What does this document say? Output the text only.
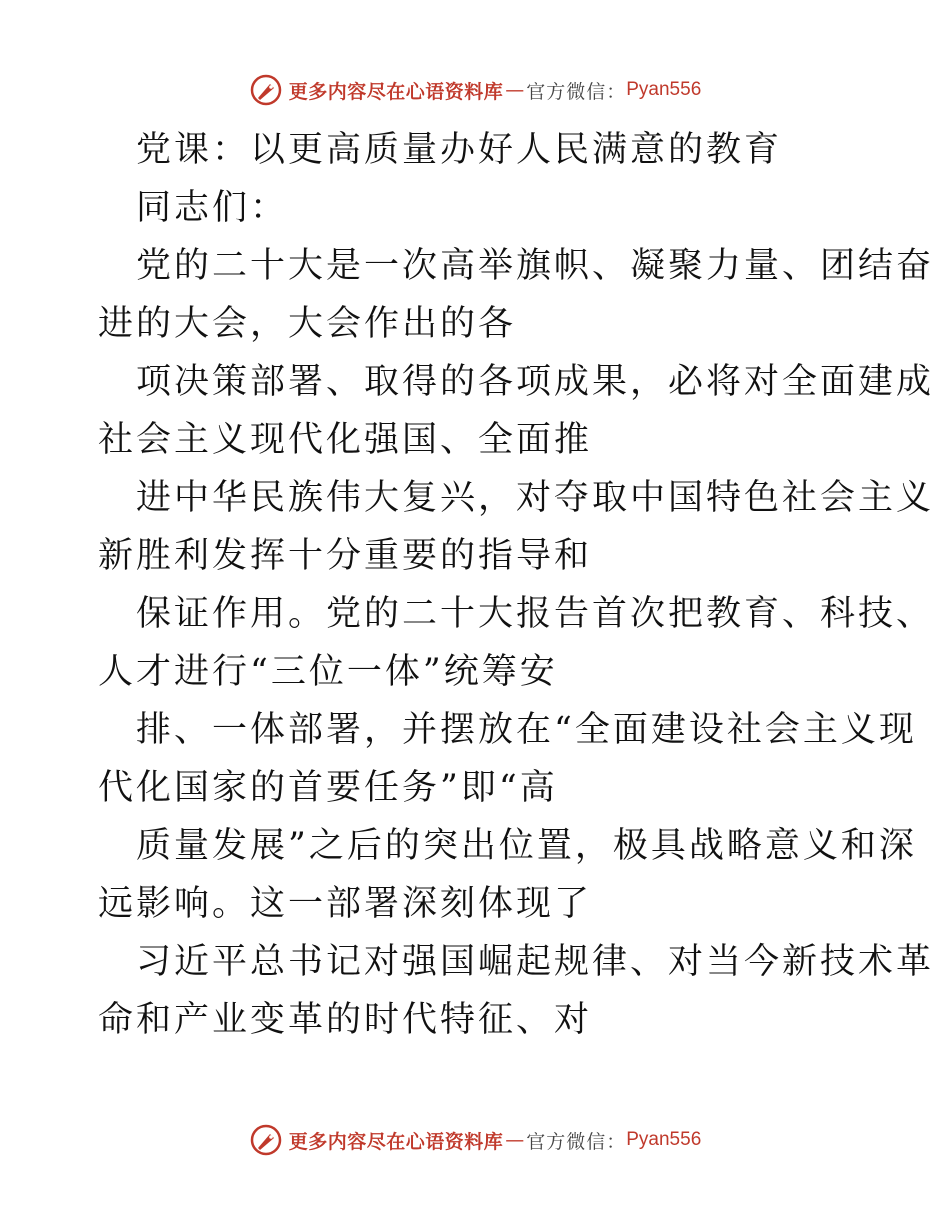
更多内容尽在心语资料库 — 官方微信： Pyan556
党课：以更高质量办好人民满意的教育
同志们：
党的二十大是一次高举旗帜、凝聚力量、团结奋
进的大会，大会作出的各
项决策部署、取得的各项成果，必将对全面建成
社会主义现代化强国、全面推
进中华民族伟大复兴，对夺取中国特色社会主义
新胜利发挥十分重要的指导和
保证作用。党的二十大报告首次把教育、科技、
人才进行“三位一体”统筹安
排、一体部署，并摆放在“全面建设社会主义现
代化国家的首要任务”即“高
质量发展”之后的突出位置，极具战略意义和深
远影响。这一部署深刻体现了
习近平总书记对强国崛起规律、对当今新技术革
命和产业变革的时代特征、对
更多内容尽在心语资料库 — 官方微信： Pyan556
